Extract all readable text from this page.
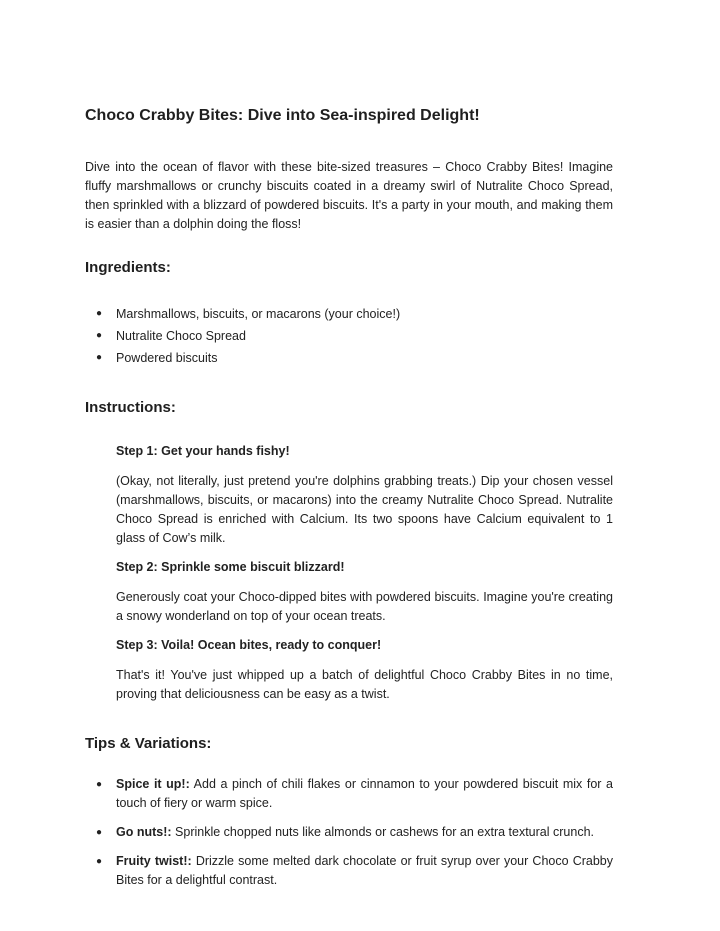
Choco Crabby Bites: Dive into Sea-inspired Delight!

Dive into the ocean of flavor with these bite-sized treasures – Choco Crabby Bites! Imagine fluffy marshmallows or crunchy biscuits coated in a dreamy swirl of Nutralite Choco Spread, then sprinkled with a blizzard of powdered biscuits. It's a party in your mouth, and making them is easier than a dolphin doing the floss!

Ingredients:
● Marshmallows, biscuits, or macarons (your choice!)
● Nutralite Choco Spread
● Powdered biscuits
Instructions:

Step 1: Get your hands fishy!

(Okay, not literally, just pretend you're dolphins grabbing treats.) Dip your chosen vessel (marshmallows, biscuits, or macarons) into the creamy Nutralite Choco Spread. Nutralite Choco Spread is enriched with Calcium. Its two spoons have Calcium equivalent to 1 glass of Cow’s milk.

Step 2: Sprinkle some biscuit blizzard!

Generously coat your Choco-dipped bites with powdered biscuits. Imagine you're creating a snowy wonderland on top of your ocean treats.

Step 3: Voila! Ocean bites, ready to conquer!

That's it! You've just whipped up a batch of delightful Choco Crabby Bites in no time, proving that deliciousness can be easy as a twist.

Tips & Variations:
● Spice it up!: Add a pinch of chili flakes or cinnamon to your powdered biscuit mix for a touch of fiery or warm spice.
● Go nuts!: Sprinkle chopped nuts like almonds or cashews for an extra textural crunch.
● Fruity twist!: Drizzle some melted dark chocolate or fruit syrup over your Choco Crabby Bites for a delightful contrast.
